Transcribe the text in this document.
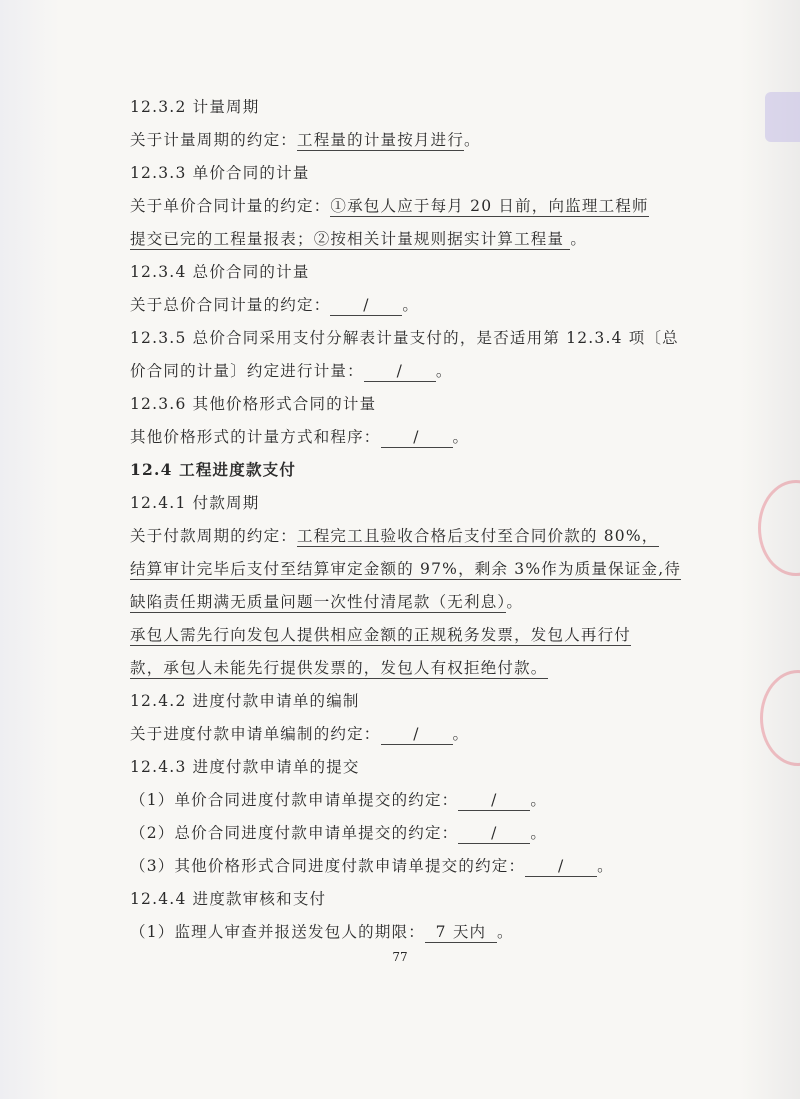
12.3.2 计量周期
关于计量周期的约定：工程量的计量按月进行。
12.3.3 单价合同的计量
关于单价合同计量的约定：①承包人应于每月 20 日前，向监理工程师
提交已完的工程量报表；②按相关计量规则据实计算工程量 。
12.3.4 总价合同的计量
关于总价合同计量的约定： / 。
12.3.5 总价合同采用支付分解表计量支付的，是否适用第 12.3.4 项〔总
价合同的计量〕约定进行计量： / 。
12.3.6 其他价格形式合同的计量
其他价格形式的计量方式和程序： / 。
12.4 工程进度款支付
12.4.1 付款周期
关于付款周期的约定：工程完工且验收合格后支付至合同价款的 80%，
结算审计完毕后支付至结算审定金额的 97%，剩余 3%作为质量保证金,待
缺陷责任期满无质量问题一次性付清尾款（无利息）。
承包人需先行向发包人提供相应金额的正规税务发票，发包人再行付
款，承包人未能先行提供发票的，发包人有权拒绝付款。
12.4.2 进度付款申请单的编制
关于进度付款申请单编制的约定： / 。
12.4.3 进度付款申请单的提交
（1）单价合同进度付款申请单提交的约定： / 。
（2）总价合同进度付款申请单提交的约定： / 。
（3）其他价格形式合同进度付款申请单提交的约定： / 。
12.4.4 进度款审核和支付
（1）监理人审查并报送发包人的期限： 7 天内 。
77
